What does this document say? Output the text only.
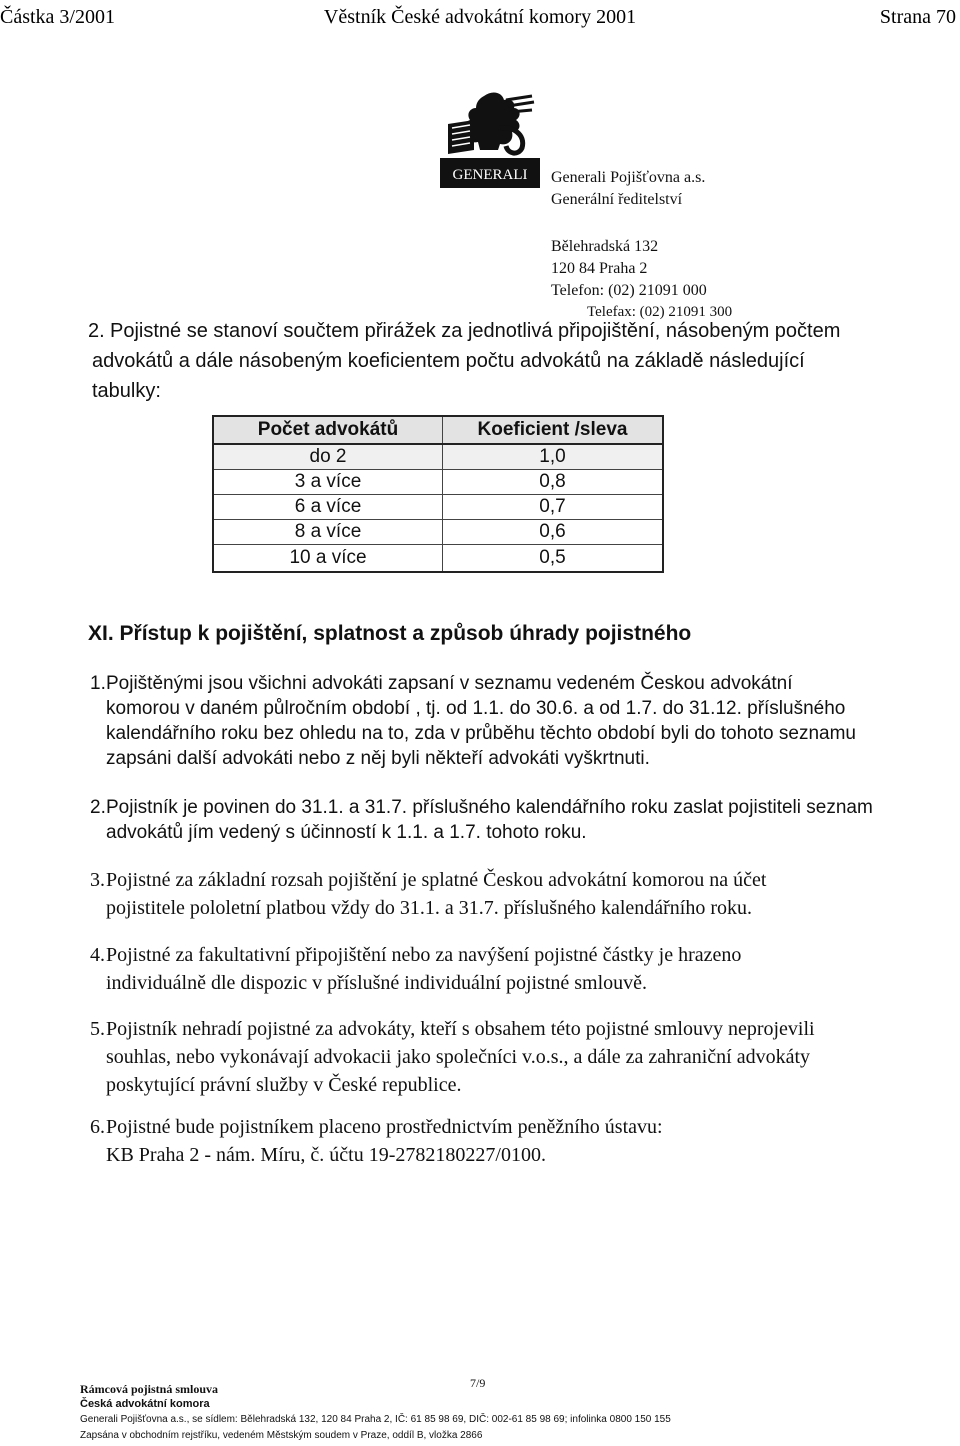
Částka 3/2001	Věstník České advokátní komory 2001	Strana 70
GENERALI Generali Pojišťovna a.s.
Generální ředitelství
Bělehradská 132
120 84 Praha 2
Telefon: (02) 21091 000
Telefax: (02) 21091 300
2. Pojistné se stanoví součtem přirážek za jednotlivá připojištění, násobeným počtem
advokátů a dále násobeným koeficientem počtu advokátů na základě následující tabulky:
Počet advokátů	Koeficient /sleva
do 2	1,0
3 a více	0,8
6 a více	0,7
8 a více	0,6
10 a více	0,5
XI. Přístup k pojištění, splatnost a způsob úhrady pojistného
1. Pojištěnými jsou všichni advokáti zapsaní v seznamu vedeném Českou advokátní
komorou v daném půlročním období , tj. od 1.1. do 30.6. a od 1.7. do 31.12. příslušného
kalendářního roku bez ohledu na to, zda v průběhu těchto období byli do tohoto seznamu
zapsáni další advokáti nebo z něj byli někteří advokáti vyškrtnuti.
2. Pojistník je povinen do 31.1. a 31.7. příslušného kalendářního roku zaslat pojistiteli seznam
advokátů jím vedený s účinností k 1.1. a 1.7. tohoto roku.
3. Pojistné za základní rozsah pojištění je splatné Českou advokátní komorou na účet
pojistitele pololetní platbou vždy do 31.1. a 31.7. příslušného kalendářního roku.
4. Pojistné za fakultativní připojištění nebo za navýšení pojistné částky je hrazeno
individuálně dle dispozic v příslušné individuální pojistné smlouvě.
5. Pojistník nehradí pojistné za advokáty, kteří s obsahem této pojistné smlouvy neprojevili
souhlas, nebo vykonávají advokacii jako společníci v.o.s., a dále za zahraniční advokáty
poskytující právní služby v České republice.
6. Pojistné bude pojistníkem placeno prostřednictvím peněžního ústavu:
KB Praha 2 - nám. Míru, č. účtu 19-2782180227/0100.
Rámcová pojistná smlouva	7/9
Česká advokátní komora
Generali Pojišťovna a.s., se sídlem: Bělehradská 132, 120 84 Praha 2, IČ: 61 85 98 69, DIČ: 002-61 85 98 69; infolinka 0800 150 155
Zapsána v obchodním rejstříku, vedeném Městským soudem v Praze, oddíl B, vložka 2866
